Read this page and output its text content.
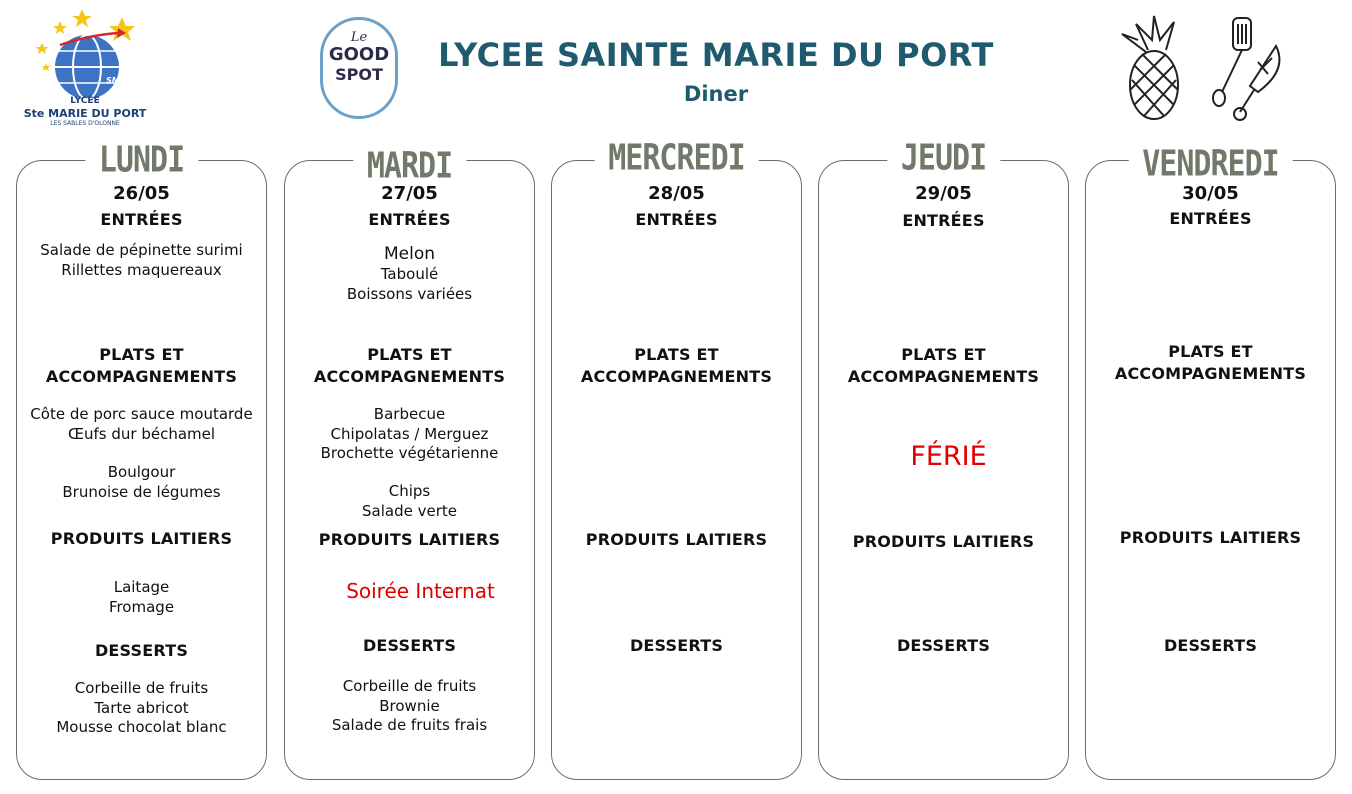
LYCEE SAINTE MARIE DU PORT
Diner
LYCÉE
Ste MARIE DU PORT
LES SABLES D'OLONNE
SMP
Le
GOOD
SPOT
LUNDI
26/05
ENTRÉES
Salade de pépinette surimi
Rillettes maquereaux
PLATS ET
ACCOMPAGNEMENTS
Côte de porc sauce moutarde
Œufs dur béchamel
Boulgour
Brunoise de légumes
PRODUITS LAITIERS
Laitage
Fromage
DESSERTS
Corbeille de fruits
Tarte abricot
Mousse chocolat blanc
MARDI
27/05
ENTRÉES
Melon
Taboulé
Boissons variées
PLATS ET
ACCOMPAGNEMENTS
Barbecue
Chipolatas / Merguez
Brochette végétarienne
Chips
Salade verte
PRODUITS LAITIERS
Soirée Internat
DESSERTS
Corbeille de fruits
Brownie
Salade de fruits frais
MERCREDI
28/05
ENTRÉES
PLATS ET
ACCOMPAGNEMENTS
PRODUITS LAITIERS
DESSERTS
JEUDI
29/05
ENTRÉES
PLATS ET
ACCOMPAGNEMENTS
FÉRIÉ
PRODUITS LAITIERS
DESSERTS
VENDREDI
30/05
ENTRÉES
PLATS ET
ACCOMPAGNEMENTS
PRODUITS LAITIERS
DESSERTS
